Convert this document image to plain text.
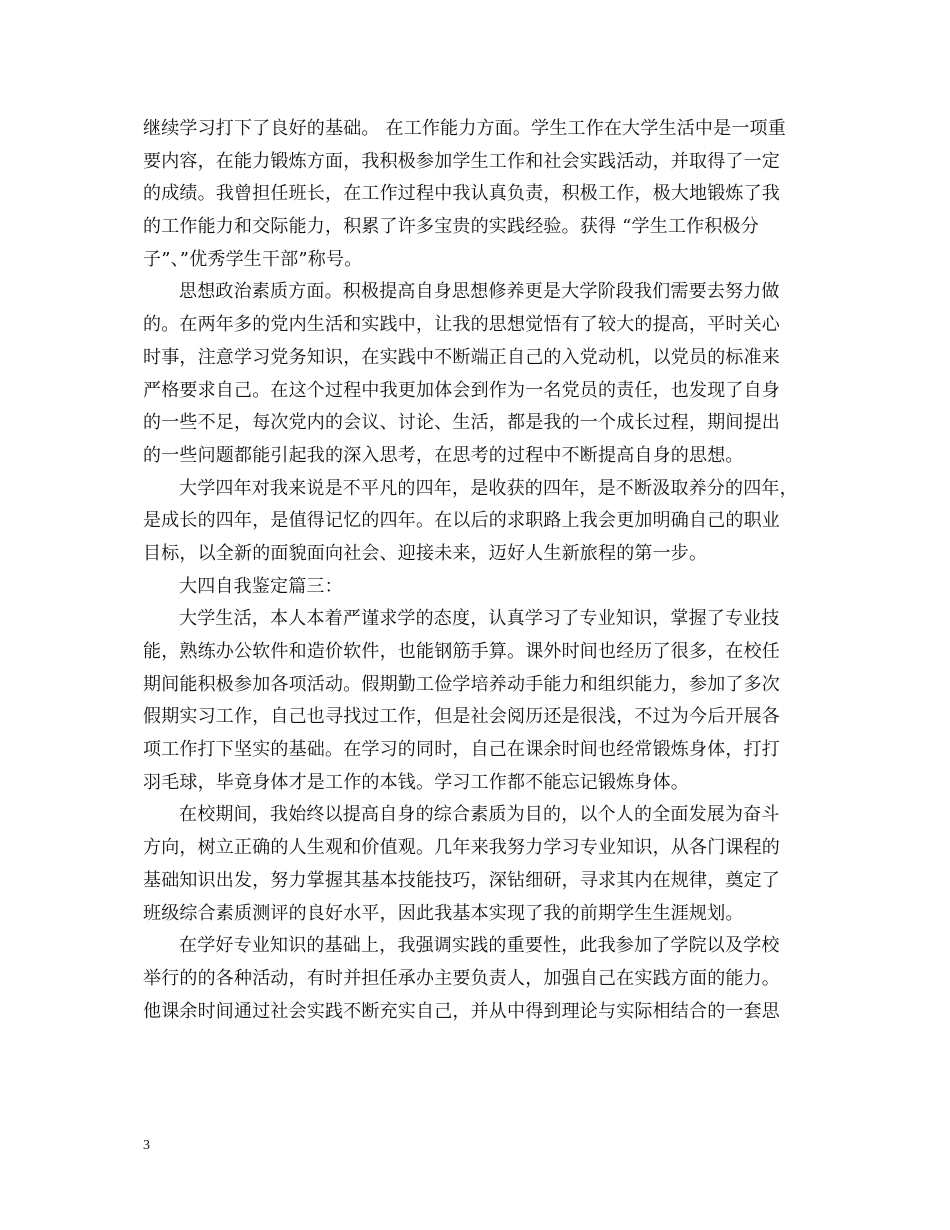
继续学习打下了良好的基础。 在工作能力方面。学生工作在大学生活中是一项重
要内容，在能力锻炼方面，我积极参加学生工作和社会实践活动，并取得了一定
的成绩。我曾担任班长，在工作过程中我认真负责，积极工作，极大地锻炼了我
的工作能力和交际能力，积累了许多宝贵的实践经验。获得 “学生工作积极分
子”、”优秀学生干部”称号。
思想政治素质方面。积极提高自身思想修养更是大学阶段我们需要去努力做
的。在两年多的党内生活和实践中，让我的思想觉悟有了较大的提高，平时关心
时事，注意学习党务知识，在实践中不断端正自己的入党动机，以党员的标准来
严格要求自己。在这个过程中我更加体会到作为一名党员的责任，也发现了自身
的一些不足，每次党内的会议、讨论、生活，都是我的一个成长过程，期间提出
的一些问题都能引起我的深入思考，在思考的过程中不断提高自身的思想。
大学四年对我来说是不平凡的四年，是收获的四年，是不断汲取养分的四年，
是成长的四年，是值得记忆的四年。在以后的求职路上我会更加明确自己的职业
目标，以全新的面貌面向社会、迎接未来，迈好人生新旅程的第一步。
大四自我鉴定篇三：
大学生活，本人本着严谨求学的态度，认真学习了专业知识，掌握了专业技
能，熟练办公软件和造价软件，也能钢筋手算。课外时间也经历了很多，在校任
期间能积极参加各项活动。假期勤工俭学培养动手能力和组织能力，参加了多次
假期实习工作，自己也寻找过工作，但是社会阅历还是很浅，不过为今后开展各
项工作打下坚实的基础。在学习的同时，自己在课余时间也经常锻炼身体，打打
羽毛球，毕竟身体才是工作的本钱。学习工作都不能忘记锻炼身体。
在校期间，我始终以提高自身的综合素质为目的，以个人的全面发展为奋斗
方向，树立正确的人生观和价值观。几年来我努力学习专业知识，从各门课程的
基础知识出发，努力掌握其基本技能技巧，深钻细研，寻求其内在规律，奠定了
班级综合素质测评的良好水平，因此我基本实现了我的前期学生生涯规划。
在学好专业知识的基础上，我强调实践的重要性，此我参加了学院以及学校
举行的的各种活动，有时并担任承办主要负责人，加强自己在实践方面的能力。
他课余时间通过社会实践不断充实自己，并从中得到理论与实际相结合的一套思
3
